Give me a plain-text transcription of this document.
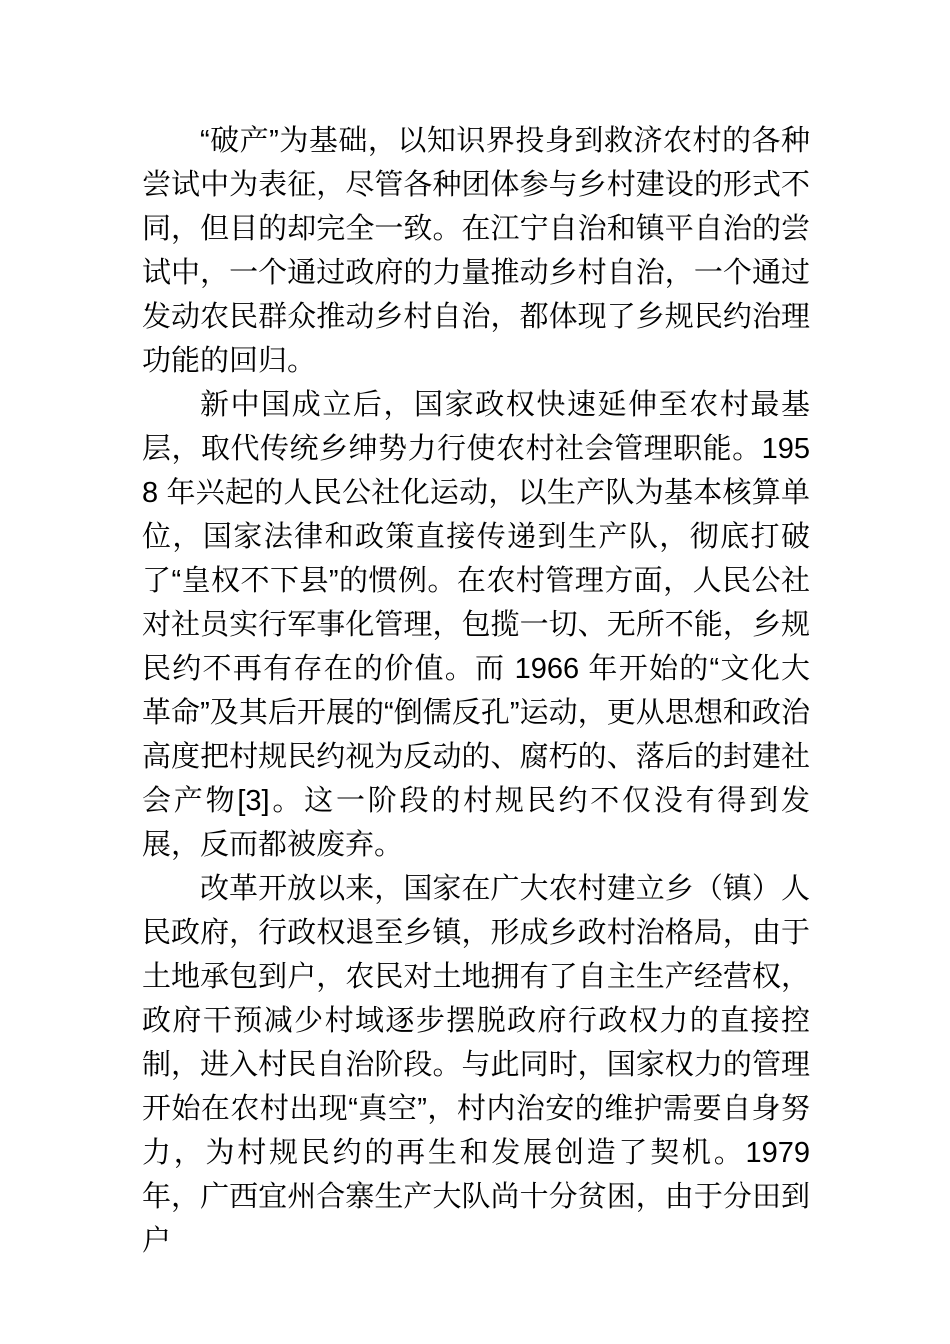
“破产”为基础，以知识界投身到救济农村的各种尝试中为表征，尽管各种团体参与乡村建设的形式不同，但目的却完全一致。在江宁自治和镇平自治的尝试中，一个通过政府的力量推动乡村自治，一个通过发动农民群众推动乡村自治，都体现了乡规民约治理功能的回归。

新中国成立后，国家政权快速延伸至农村最基层，取代传统乡绅势力行使农村社会管理职能。1958 年兴起的人民公社化运动，以生产队为基本核算单位，国家法律和政策直接传递到生产队，彻底打破了“皇权不下县”的惯例。在农村管理方面，人民公社对社员实行军事化管理，包揽一切、无所不能，乡规民约不再有存在的价值。而 1966 年开始的“文化大革命”及其后开展的“倒儒反孔”运动，更从思想和政治高度把村规民约视为反动的、腐朽的、落后的封建社会产物[3]。这一阶段的村规民约不仅没有得到发展，反而都被废弃。

改革开放以来，国家在广大农村建立乡（镇）人民政府，行政权退至乡镇，形成乡政村治格局，由于土地承包到户，农民对土地拥有了自主生产经营权，政府干预减少村域逐步摆脱政府行政权力的直接控制，进入村民自治阶段。与此同时，国家权力的管理开始在农村出现“真空”，村内治安的维护需要自身努力，为村规民约的再生和发展创造了契机。1979 年，广西宜州合寨生产大队尚十分贫困，由于分田到户
